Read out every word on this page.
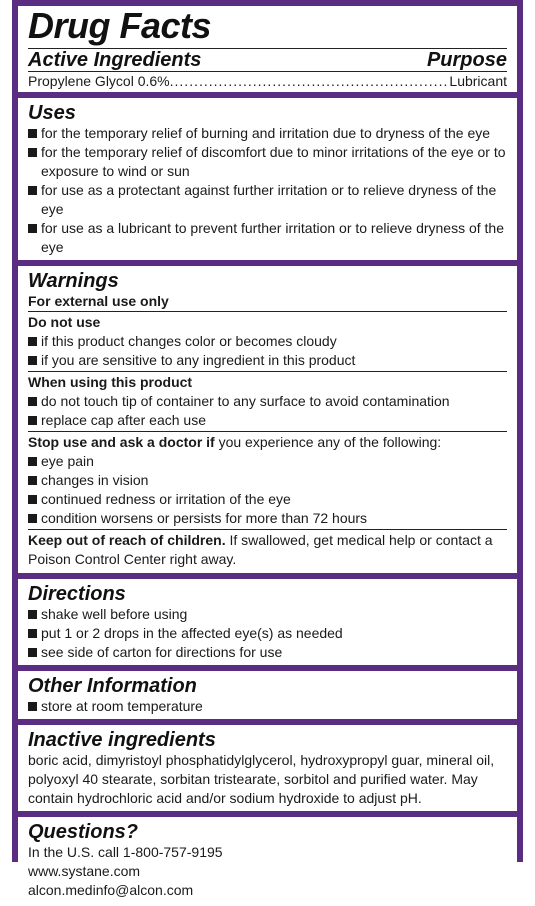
Drug Facts
Active Ingredients	Purpose
Propylene Glycol 0.6%
.....	Lubricant
Uses
for the temporary relief of burning and irritation due to dryness of the eye
for the temporary relief of discomfort due to minor irritations of the eye or to exposure to wind or sun
for use as a protectant against further irritation or to relieve dryness of the eye
for use as a lubricant to prevent further irritation or to relieve dryness of the eye
Warnings
For external use only
Do not use
if this product changes color or becomes cloudy
if you are sensitive to any ingredient in this product
When using this product
do not touch tip of container to any surface to avoid contamination
replace cap after each use
Stop use and ask a doctor if you experience any of the following:
eye pain
changes in vision
continued redness or irritation of the eye
condition worsens or persists for more than 72 hours
Keep out of reach of children. If swallowed, get medical help or contact a Poison Control Center right away.
Directions
shake well before using
put 1 or 2 drops in the affected eye(s) as needed
see side of carton for directions for use
Other Information
store at room temperature
Inactive ingredients
boric acid, dimyristoyl phosphatidylglycerol, hydroxypropyl guar, mineral oil, polyoxyl 40 stearate, sorbitan tristearate, sorbitol and purified water. May contain hydrochloric acid and/or sodium hydroxide to adjust pH.
Questions?
In the U.S. call 1-800-757-9195
www.systane.com
alcon.medinfo@alcon.com
